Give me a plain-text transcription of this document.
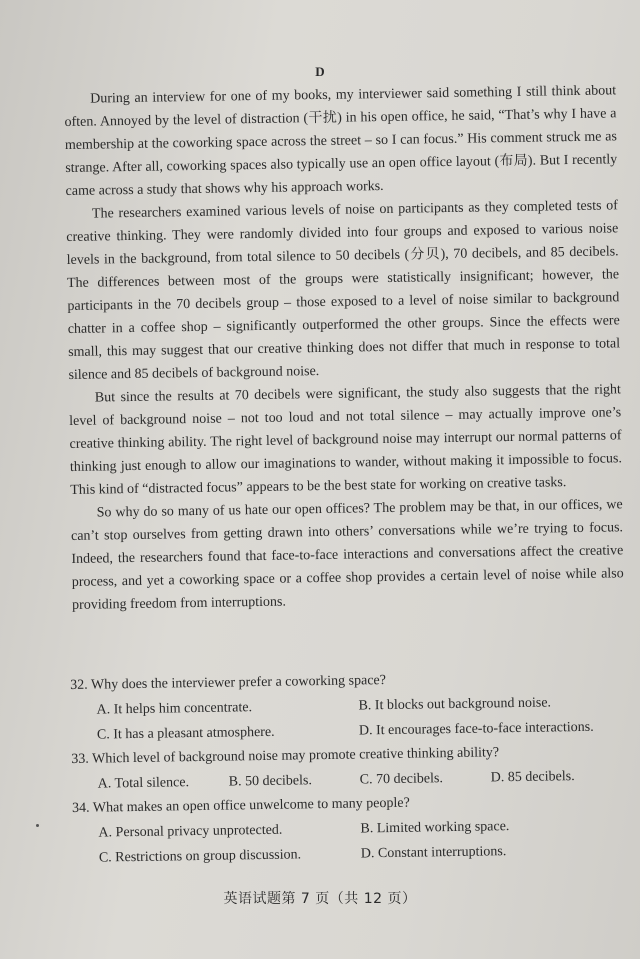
D

During an interview for one of my books, my interviewer said something I still think about often. Annoyed by the level of distraction (干扰) in his open office, he said, “That’s why I have a membership at the coworking space across the street – so I can focus.” His comment struck me as strange. After all, coworking spaces also typically use an open office layout (布局). But I recently came across a study that shows why his approach works.

The researchers examined various levels of noise on participants as they completed tests of creative thinking. They were randomly divided into four groups and exposed to various noise levels in the background, from total silence to 50 decibels (分贝), 70 decibels, and 85 decibels. The differences between most of the groups were statistically insignificant; however, the participants in the 70 decibels group – those exposed to a level of noise similar to background chatter in a coffee shop – significantly outperformed the other groups. Since the effects were small, this may suggest that our creative thinking does not differ that much in response to total silence and 85 decibels of background noise.

But since the results at 70 decibels were significant, the study also suggests that the right level of background noise – not too loud and not total silence – may actually improve one’s creative thinking ability. The right level of background noise may interrupt our normal patterns of thinking just enough to allow our imaginations to wander, without making it impossible to focus. This kind of “distracted focus” appears to be the best state for working on creative tasks.

So why do so many of us hate our open offices? The problem may be that, in our offices, we can’t stop ourselves from getting drawn into others’ conversations while we’re trying to focus. Indeed, the researchers found that face-to-face interactions and conversations affect the creative process, and yet a coworking space or a coffee shop provides a certain level of noise while also providing freedom from interruptions.

32. Why does the interviewer prefer a coworking space?
A. It helps him concentrate.	B. It blocks out background noise.
C. It has a pleasant atmosphere.	D. It encourages face-to-face interactions.
33. Which level of background noise may promote creative thinking ability?
A. Total silence.	B. 50 decibels.	C. 70 decibels.	D. 85 decibels.
34. What makes an open office unwelcome to many people?
A. Personal privacy unprotected.	B. Limited working space.
C. Restrictions on group discussion.	D. Constant interruptions.
英语试题第 7 页（共 12 页）
